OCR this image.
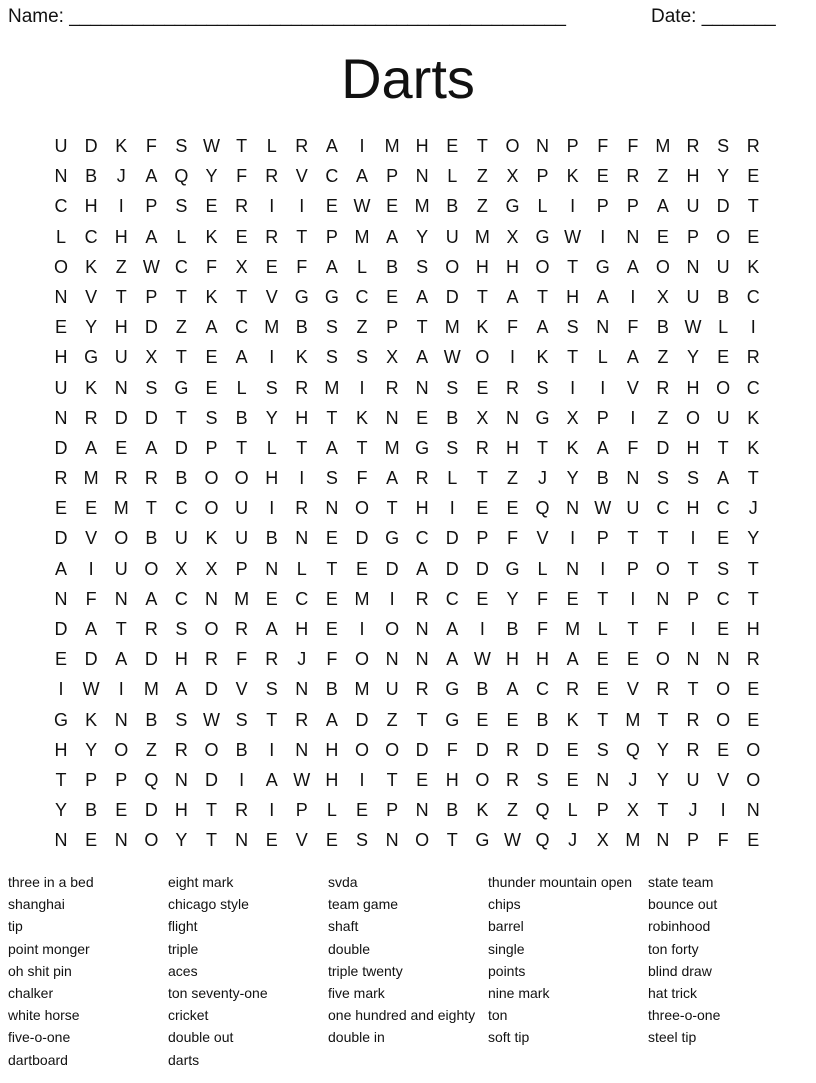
Name: _______________________________________________	Date: _______
Darts
U D K	F	S W T	L	R A	I	M H E	T O N P	F	F M R S R
N B	J	A Q Y	F	R V C A	P N	L	Z	X	P	K	E R	Z	H Y	E
C H	I	P	S	E R	I	I	E W E M B	Z G	L	I	P	P	A U D	T
L	C H A	L	K	E R	T	P M A	Y U M X G W	I	N E	P O E
O K	Z W C	F	X	E	F	A	L	B	S O H H O T G A O N U K
N V	T	P	T	K	T	V G G C E	A D	T	A	T	H A	I	X U B C
E	Y H D	Z	A C M B	S	Z	P	T M K	F	A	S N	F	B W L	I
H G U X	T	E	A	I	K	S	S	X	A W O	I	K	T	L	A	Z	Y	E R
U K N S G E	L	S R M	I	R N S	E R S	I	I	V R H O C
N R D D	T	S	B	Y H	T	K N E	B	X N G X	P	I	Z O U K
D A	E	A D P	T	L	T	A	T M G S R H	T	K	A	F	D H	T	K
R M R R B O O H	I	S	F	A R	L	T	Z	J	Y	B N S	S	A	T
E	E M T	C O U	I	R N O T	H	I	E	E Q N W U C H C	J
D V O B U K U B N E D G C D P	F	V	I	P	T	T	I	E	Y
A	I	U O X	X	P N	L	T	E D A D D G	L	N	I	P O T	S	T
N	F	N A C N M E C E M	I	R C E	Y	F	E	T	I	N P C	T
D A	T	R S O R A H E	I	O N A	I	B	F M L	T	F	I	E H
E D A D H R	F	R	J	F O N N A W H H A	E	E O N N R
I	W	I	M A D V	S N B M U R G B	A C R E	V R	T O E
G K N B	S W S	T	R A D	Z	T G E	E	B	K	T M T	R O E
H Y O Z	R O B	I	N H O O D	F	D R D E	S Q Y R E O
T	P	P Q N D	I	A W H	I	T	E H O R S	E N	J	Y U V O
Y	B	E D H	T	R	I	P	L	E	P N B	K	Z Q	L	P	X	T	J	I	N
N E N O Y	T	N E	V	E	S N O T G W Q	J	X M N P	F	E
three in a bed
shanghai
tip
point monger
oh shit pin
chalker
white horse
five-o-one
dartboard
eight mark
chicago style
flight
triple
aces
ton seventy-one
cricket
double out
darts
svda
team game
shaft
double
triple twenty
five mark
one hundred and eighty
double in
thunder mountain open
chips
barrel
single
points
nine mark
ton
soft tip
state team
bounce out
robinhood
ton forty
blind draw
hat trick
three-o-one
steel tip
